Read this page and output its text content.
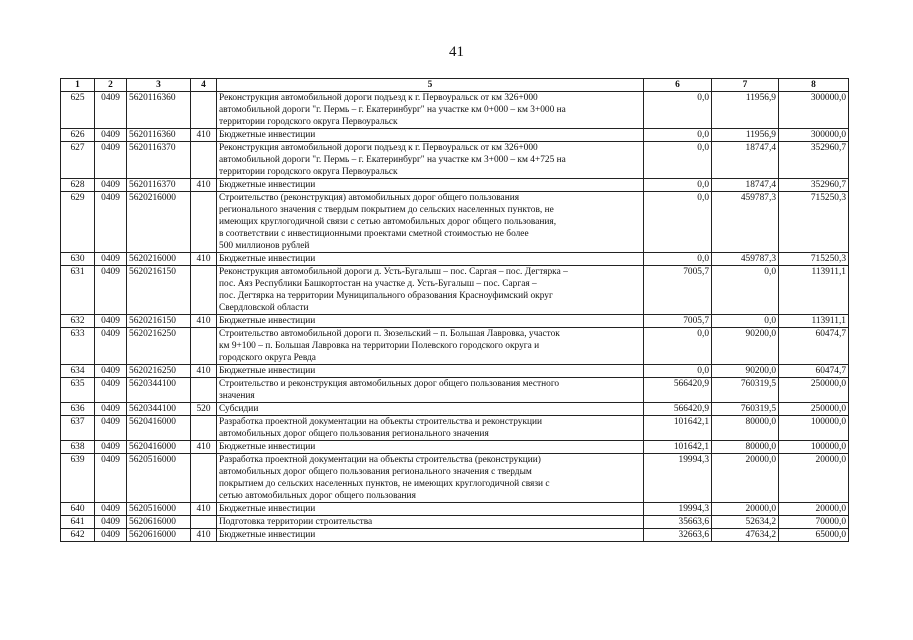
41
1	2	3	4	5	6	7	8
625	0409	5620116360		Реконструкция автомобильной дороги подъезд к г. Первоуральск от км 326+000
автомобильной дороги "г. Пермь – г. Екатеринбург" на участке км 0+000 – км 3+000 на
территории городского округа Первоуральск	0,0	11956,9	300000,0
626	0409	5620116360	410	Бюджетные инвестиции	0,0	11956,9	300000,0
627	0409	5620116370		Реконструкция автомобильной дороги подъезд к г. Первоуральск от км 326+000
автомобильной дороги "г. Пермь – г. Екатеринбург" на участке км 3+000 – км 4+725 на
территории городского округа Первоуральск	0,0	18747,4	352960,7
628	0409	5620116370	410	Бюджетные инвестиции	0,0	18747,4	352960,7
629	0409	5620216000		Строительство (реконструкция) автомобильных дорог общего пользования
регионального значения с твердым покрытием до сельских населенных пунктов, не
имеющих круглогодичной связи с сетью автомобильных дорог общего пользования,
в соответствии с инвестиционными проектами сметной стоимостью не более
500 миллионов рублей	0,0	459787,3	715250,3
630	0409	5620216000	410	Бюджетные инвестиции	0,0	459787,3	715250,3
631	0409	5620216150		Реконструкция автомобильной дороги д. Усть-Бугалыш – пос. Саргая – пос. Дегтярка –
пос. Аяз Республики Башкортостан на участке д. Усть-Бугалыш – пос. Саргая –
пос. Дегтярка на территории Муниципального образования Красноуфимский округ
Свердловской области	7005,7	0,0	113911,1
632	0409	5620216150	410	Бюджетные инвестиции	7005,7	0,0	113911,1
633	0409	5620216250		Строительство автомобильной дороги п. Зюзельский – п. Большая Лавровка, участок
км 9+100 – п. Большая Лавровка на территории Полевского городского округа и
городского округа Ревда	0,0	90200,0	60474,7
634	0409	5620216250	410	Бюджетные инвестиции	0,0	90200,0	60474,7
635	0409	5620344100		Строительство и реконструкция автомобильных дорог общего пользования местного
значения	566420,9	760319,5	250000,0
636	0409	5620344100	520	Субсидии	566420,9	760319,5	250000,0
637	0409	5620416000		Разработка проектной документации на объекты строительства и реконструкции
автомобильных дорог общего пользования регионального значения	101642,1	80000,0	100000,0
638	0409	5620416000	410	Бюджетные инвестиции	101642,1	80000,0	100000,0
639	0409	5620516000		Разработка проектной документации на объекты строительства (реконструкции)
автомобильных дорог общего пользования регионального значения с твердым
покрытием до сельских населенных пунктов, не имеющих круглогодичной связи с
сетью автомобильных дорог общего пользования	19994,3	20000,0	20000,0
640	0409	5620516000	410	Бюджетные инвестиции	19994,3	20000,0	20000,0
641	0409	5620616000		Подготовка территории строительства	35663,6	52634,2	70000,0
642	0409	5620616000	410	Бюджетные инвестиции	32663,6	47634,2	65000,0
